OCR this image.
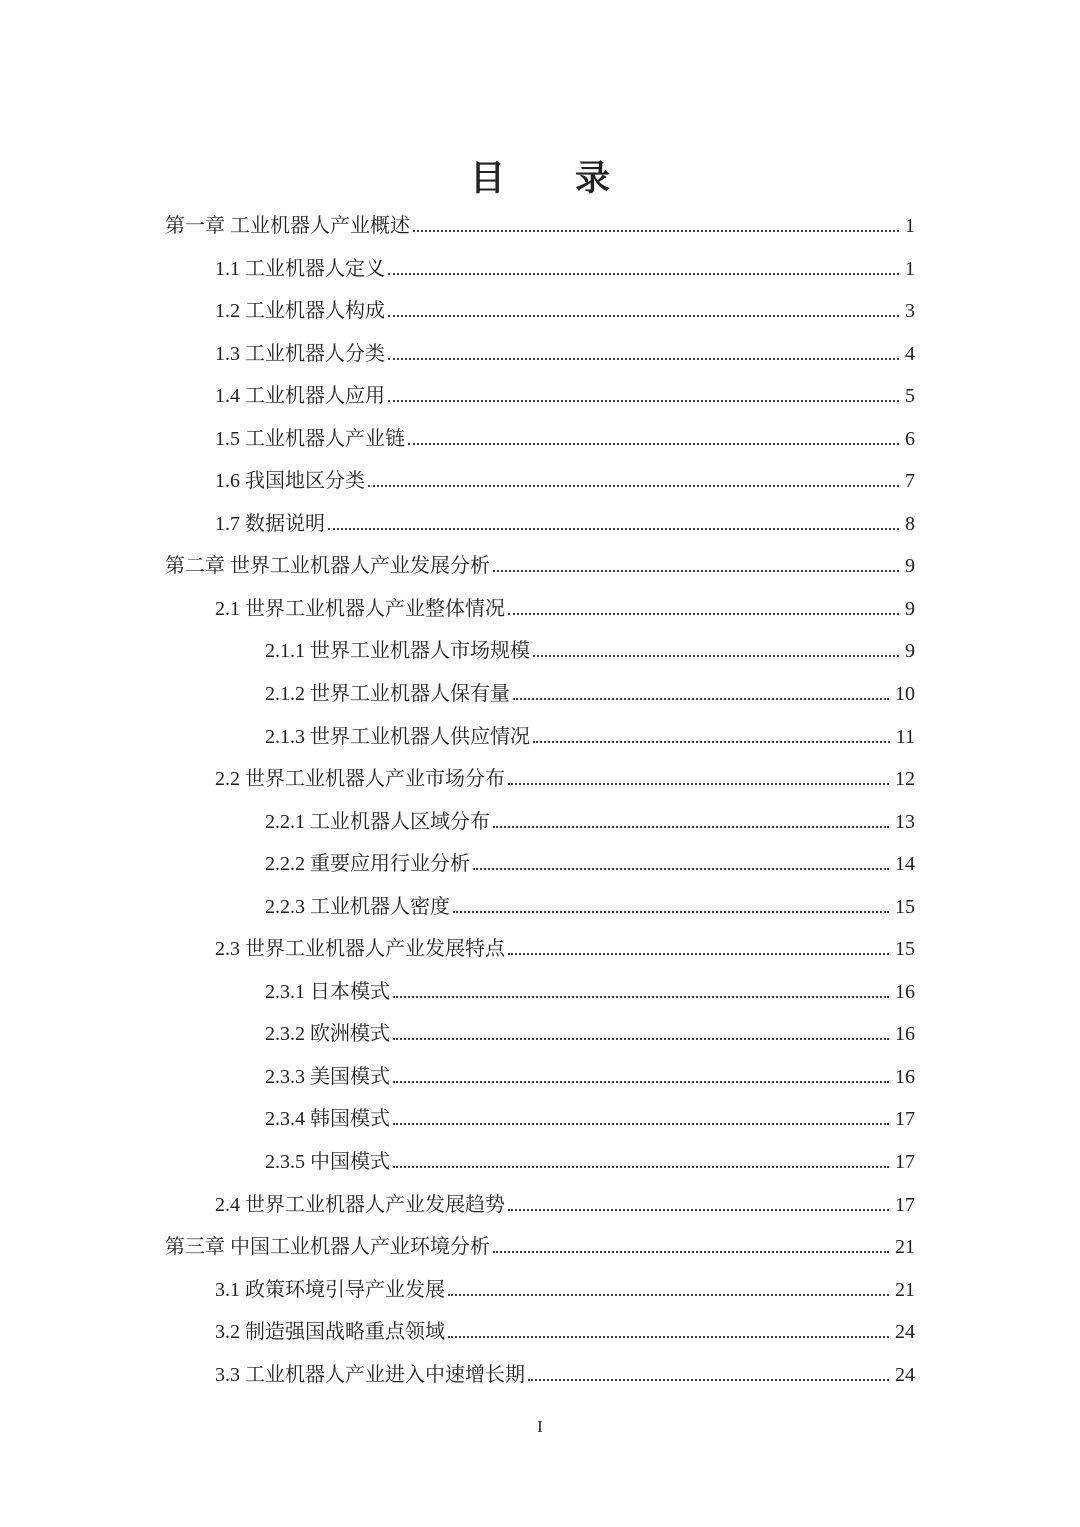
目　　录
第一章 工业机器人产业概述	1
1.1 工业机器人定义	1
1.2 工业机器人构成	3
1.3 工业机器人分类	4
1.4 工业机器人应用	5
1.5 工业机器人产业链	6
1.6 我国地区分类	7
1.7 数据说明	8
第二章 世界工业机器人产业发展分析	9
2.1 世界工业机器人产业整体情况	9
2.1.1 世界工业机器人市场规模	9
2.1.2 世界工业机器人保有量	10
2.1.3 世界工业机器人供应情况	11
2.2 世界工业机器人产业市场分布	12
2.2.1 工业机器人区域分布	13
2.2.2 重要应用行业分析	14
2.2.3 工业机器人密度	15
2.3 世界工业机器人产业发展特点	15
2.3.1 日本模式	16
2.3.2 欧洲模式	16
2.3.3 美国模式	16
2.3.4 韩国模式	17
2.3.5 中国模式	17
2.4 世界工业机器人产业发展趋势	17
第三章 中国工业机器人产业环境分析	21
3.1 政策环境引导产业发展	21
3.2 制造强国战略重点领域	24
3.3 工业机器人产业进入中速增长期	24
I
